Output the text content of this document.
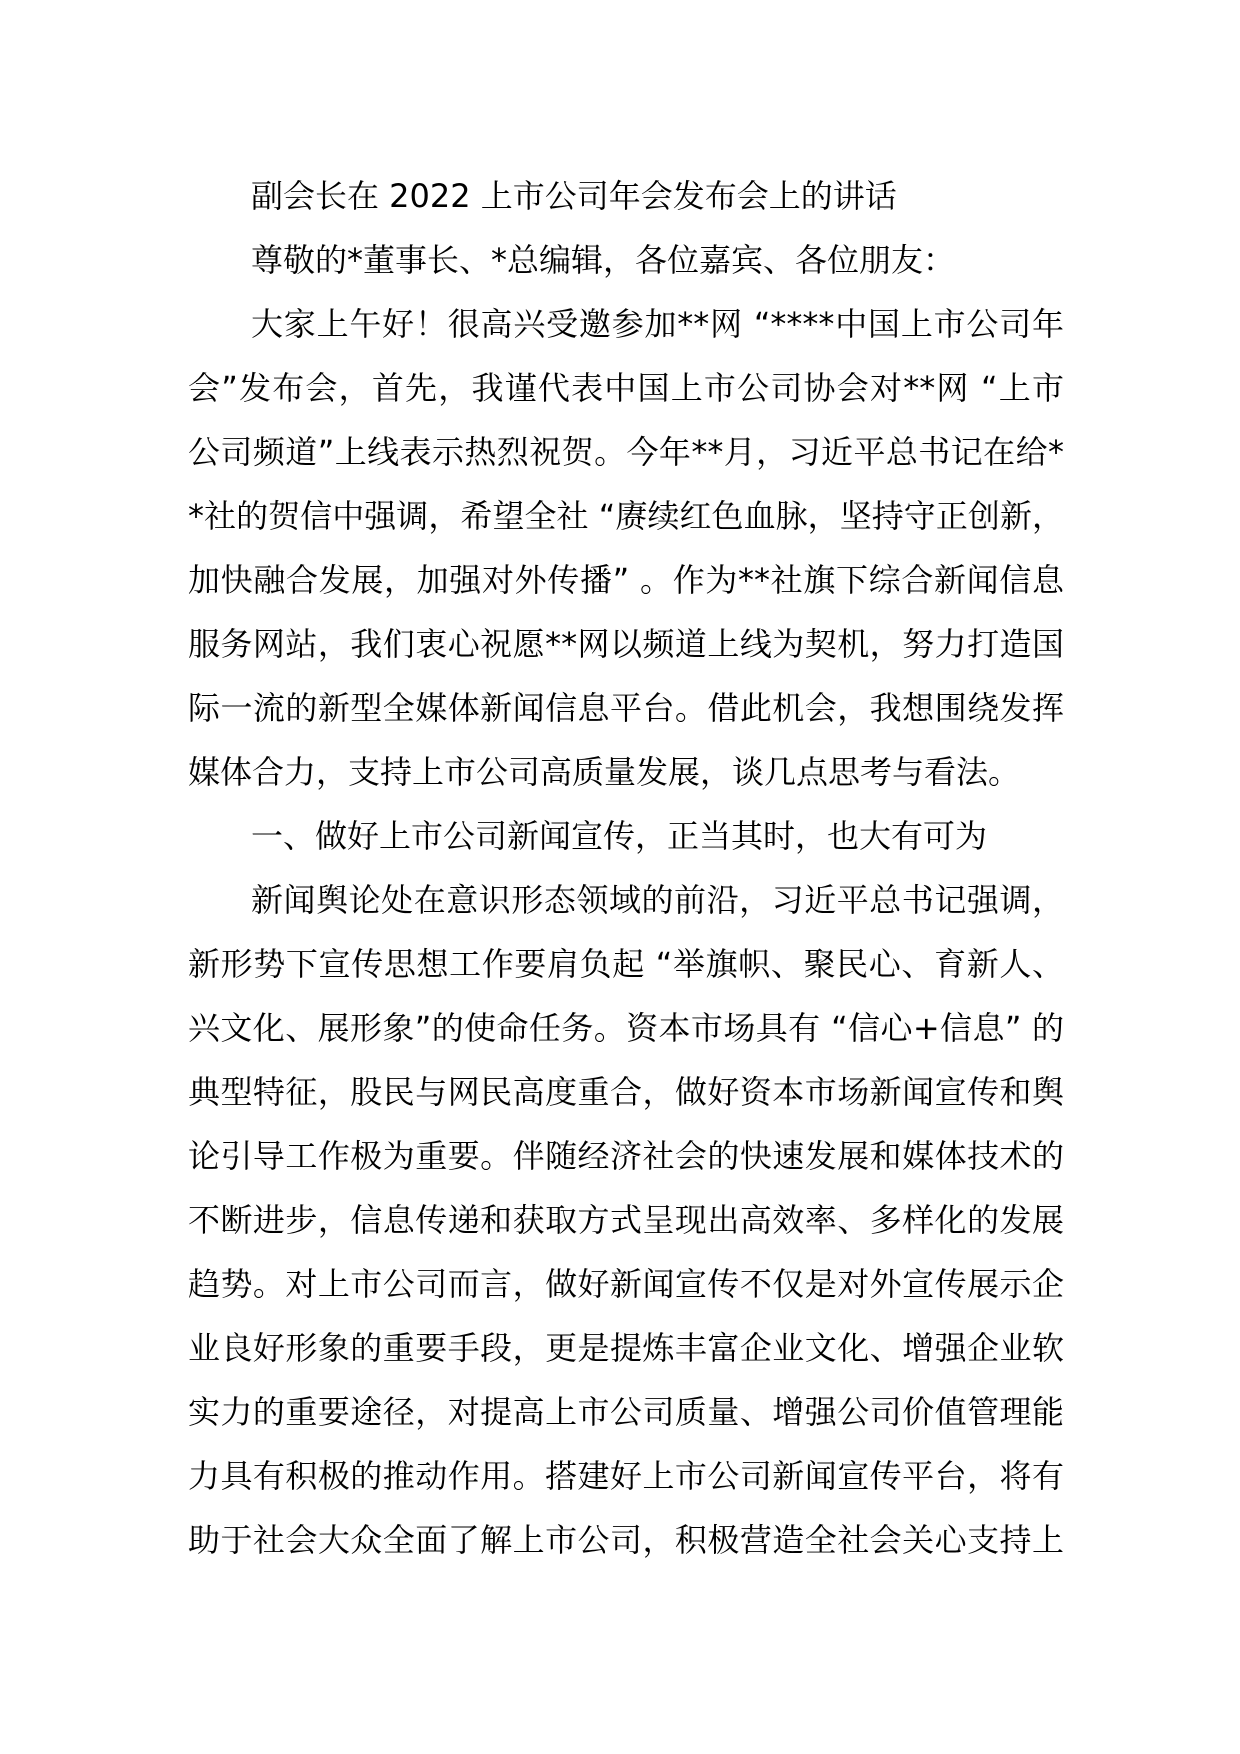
副会长在 2022 上市公司年会发布会上的讲话
尊敬的*董事长、*总编辑，各位嘉宾、各位朋友：
大家上午好！很高兴受邀参加**网 “****中国上市公司年
会”发布会，首先，我谨代表中国上市公司协会对**网 “上市
公司频道”上线表示热烈祝贺。今年**月，习近平总书记在给*
*社的贺信中强调，希望全社 “赓续红色血脉，坚持守正创新，
加快融合发展，加强对外传播” 。作为**社旗下综合新闻信息
服务网站，我们衷心祝愿**网以频道上线为契机，努力打造国
际一流的新型全媒体新闻信息平台。借此机会，我想围绕发挥
媒体合力，支持上市公司高质量发展，谈几点思考与看法。
一、做好上市公司新闻宣传，正当其时，也大有可为
新闻舆论处在意识形态领域的前沿，习近平总书记强调，
新形势下宣传思想工作要肩负起 “举旗帜、聚民心、育新人、
兴文化、展形象”的使命任务。资本市场具有 “信心+信息” 的
典型特征，股民与网民高度重合，做好资本市场新闻宣传和舆
论引导工作极为重要。伴随经济社会的快速发展和媒体技术的
不断进步，信息传递和获取方式呈现出高效率、多样化的发展
趋势。对上市公司而言，做好新闻宣传不仅是对外宣传展示企
业良好形象的重要手段，更是提炼丰富企业文化、增强企业软
实力的重要途径，对提高上市公司质量、增强公司价值管理能
力具有积极的推动作用。搭建好上市公司新闻宣传平台，将有
助于社会大众全面了解上市公司，积极营造全社会关心支持上
